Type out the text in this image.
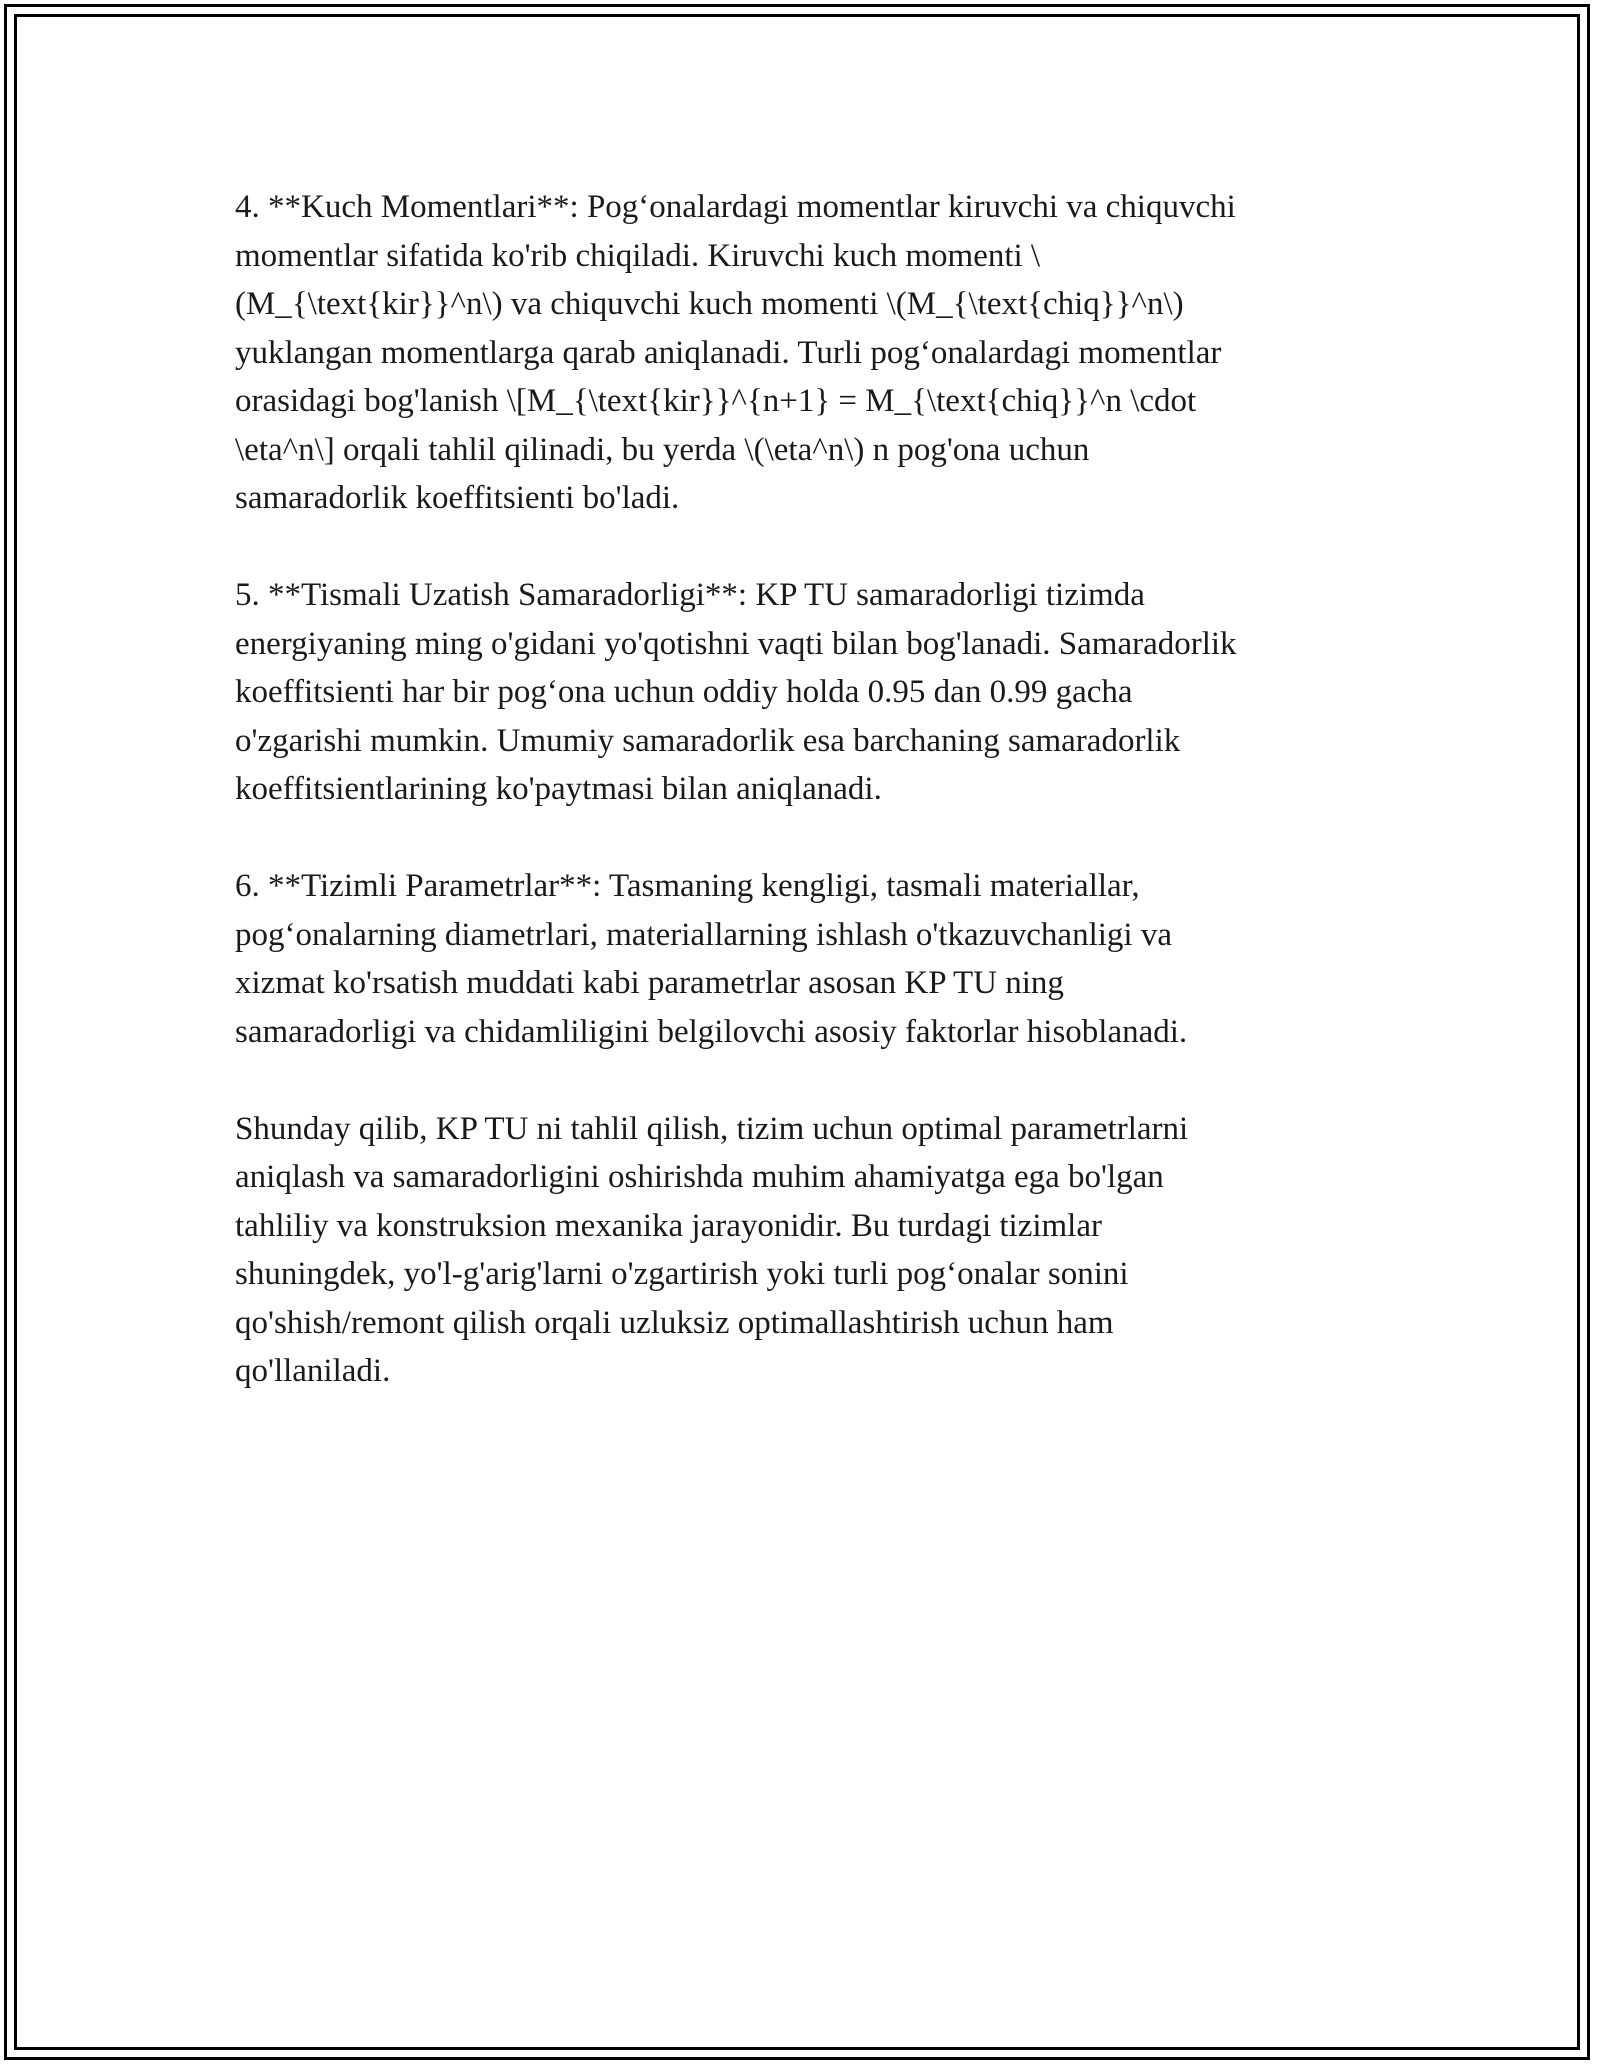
4. **Kuch Momentlari**: Pog‘onalardagi momentlar kiruvchi va chiquvchi
momentlar sifatida ko'rib chiqiladi. Kiruvchi kuch momenti \
(M_{\text{kir}}^n\) va chiquvchi kuch momenti \(M_{\text{chiq}}^n\)
yuklangan momentlarga qarab aniqlanadi. Turli pog‘onalardagi momentlar
orasidagi bog'lanish \[M_{\text{kir}}^{n+1} = M_{\text{chiq}}^n \cdot
\eta^n\] orqali tahlil qilinadi, bu yerda \(\eta^n\) n pog'ona uchun
samaradorlik koeffitsienti bo'ladi.

5. **Tismali Uzatish Samaradorligi**: KP TU samaradorligi tizimda
energiyaning ming o'gidani yo'qotishni vaqti bilan bog'lanadi. Samaradorlik
koeffitsienti har bir pog‘ona uchun oddiy holda 0.95 dan 0.99 gacha
o'zgarishi mumkin. Umumiy samaradorlik esa barchaning samaradorlik
koeffitsientlarining ko'paytmasi bilan aniqlanadi.

6. **Tizimli Parametrlar**: Tasmaning kengligi, tasmali materiallar,
pog‘onalarning diametrlari, materiallarning ishlash o'tkazuvchanligi va
xizmat ko'rsatish muddati kabi parametrlar asosan KP TU ning
samaradorligi va chidamliligini belgilovchi asosiy faktorlar hisoblanadi.

Shunday qilib, KP TU ni tahlil qilish, tizim uchun optimal parametrlarni
aniqlash va samaradorligini oshirishda muhim ahamiyatga ega bo'lgan
tahliliy va konstruksion mexanika jarayonidir. Bu turdagi tizimlar
shuningdek, yo'l-g'arig'larni o'zgartirish yoki turli pog‘onalar sonini
qo'shish/remont qilish orqali uzluksiz optimallashtirish uchun ham
qo'llaniladi.
